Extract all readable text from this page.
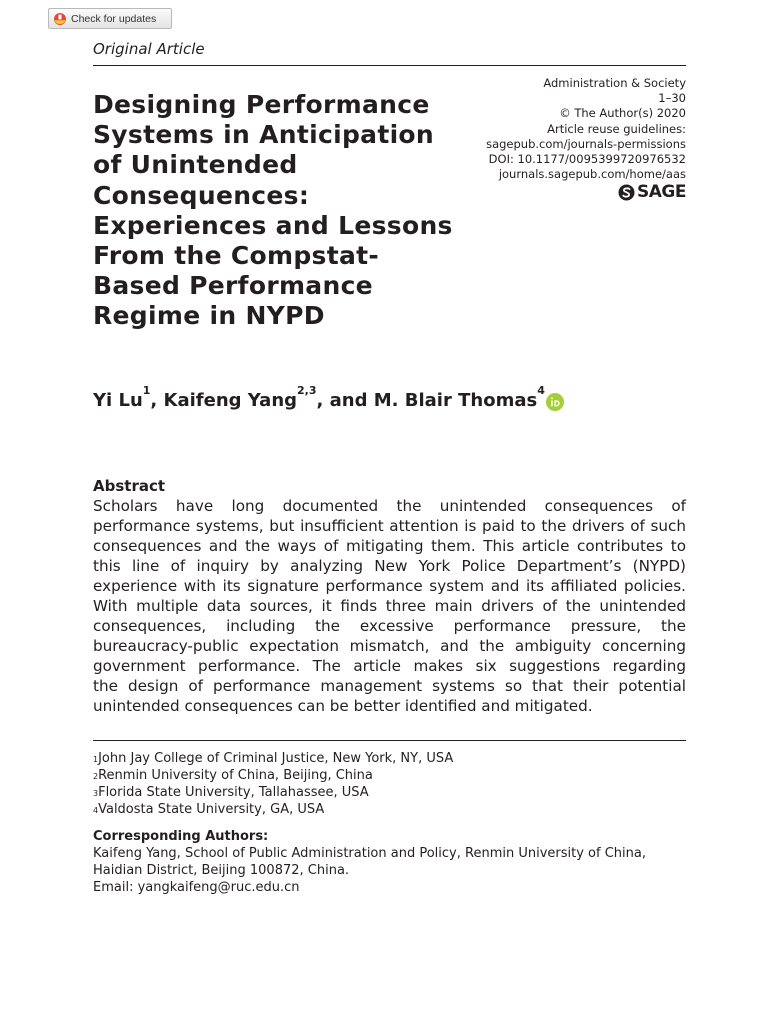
Check for updates
Original Article
Administration & Society
1–30
© The Author(s) 2020
Article reuse guidelines:
sagepub.com/journals-permissions
DOI: 10.1177/0095399720976532
journals.sagepub.com/home/aas
SAGE
Designing Performance
Systems in Anticipation
of Unintended
Consequences:
Experiences and Lessons
From the Compstat-
Based Performance
Regime in NYPD
Yi Lu$^1$ , Kaifeng Yang$^{2,3}$ , and M. Blair Thomas$^4$
Abstract
Scholars have long documented the unintended consequences of
performance systems, but insufficient attention is paid to the drivers of such
consequences and the ways of mitigating them. This article contributes to
this line of inquiry by analyzing New York Police Department’s (NYPD)
experience with its signature performance system and its affiliated policies.
With multiple data sources, it finds three main drivers of the unintended
consequences, including the excessive performance pressure, the
bureaucracy-public expectation mismatch, and the ambiguity concerning
government performance. The article makes six suggestions regarding
the design of performance management systems so that their potential
unintended consequences can be better identified and mitigated.
$^1$John Jay College of Criminal Justice, New York, NY, USA
$^2$Renmin University of China, Beijing, China
$^3$Florida State University, Tallahassee, USA
$^4$Valdosta State University, GA, USA
Corresponding Authors:
Kaifeng Yang, School of Public Administration and Policy, Renmin University of China,
Haidian District, Beijing 100872, China.
Email: yangkaifeng@ruc.edu.cn
